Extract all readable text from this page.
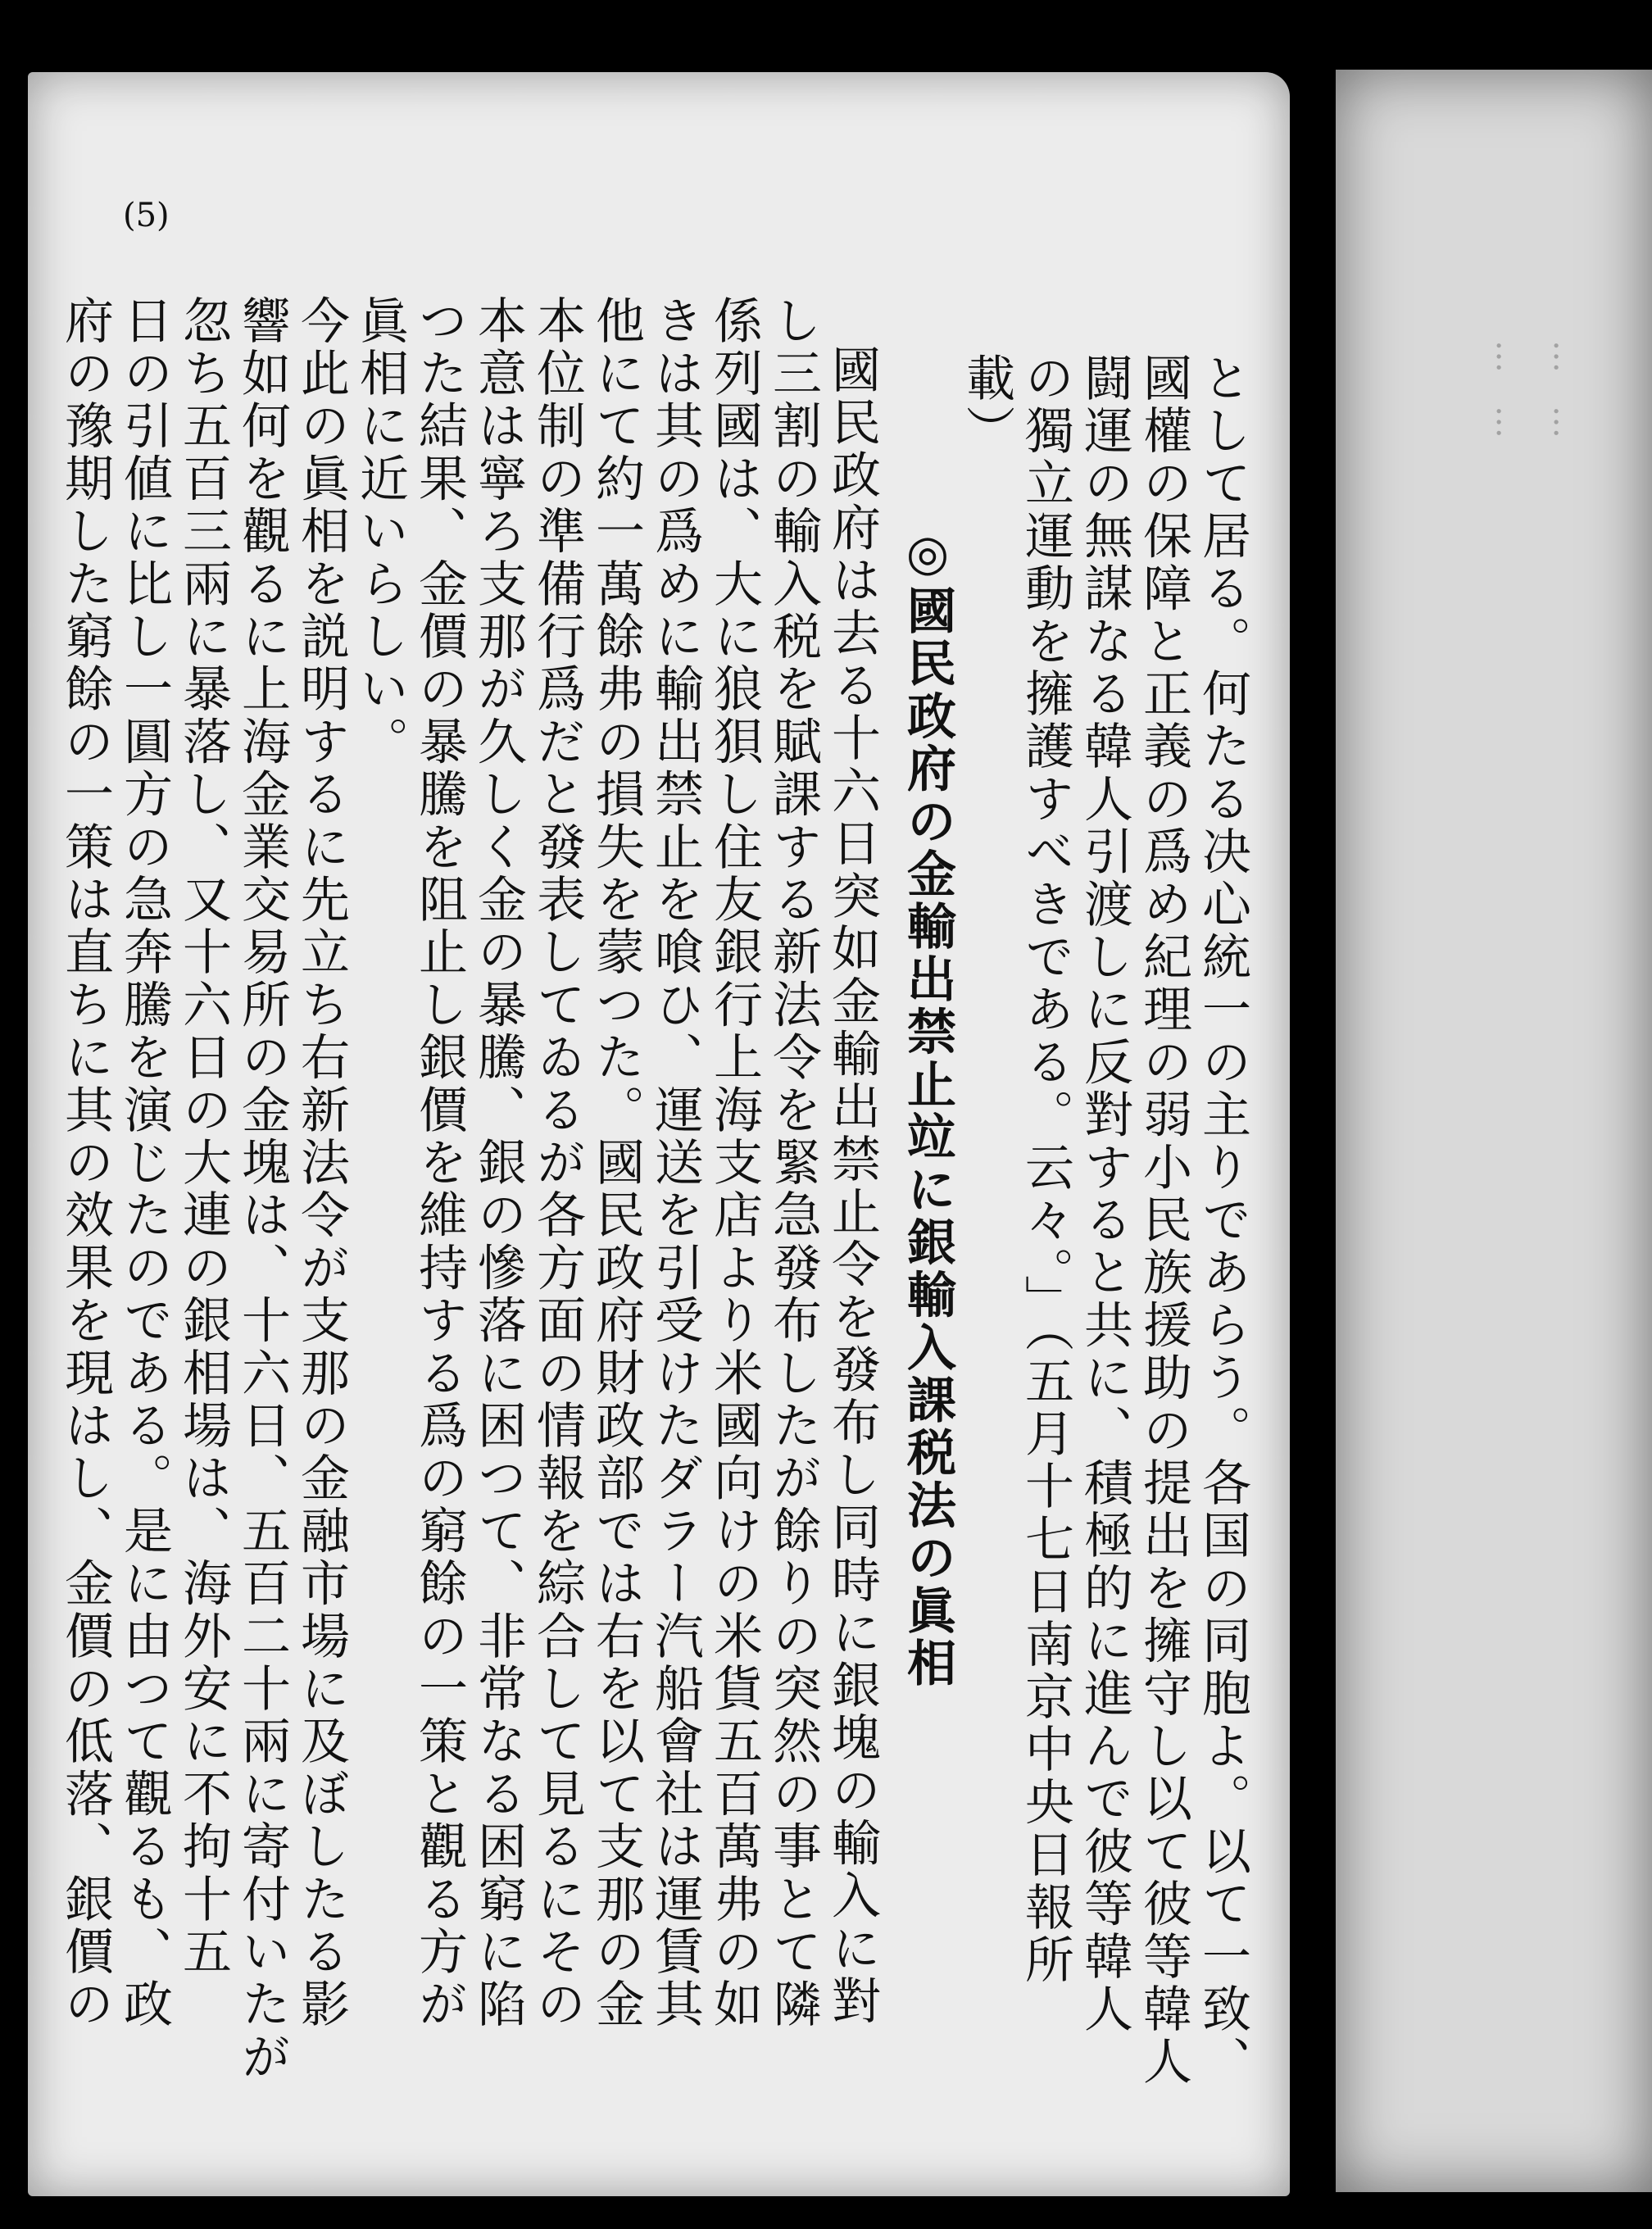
…　… …　…
(5)
として居る。何たる决心統一の主りであらう。各国の同胞よ。以て一致、
國權の保障と正義の爲め紀理の弱小民族援助の提出を擁守し以て彼等韓人
闘運の無謀なる韓人引渡しに反對すると共に、積極的に進んで彼等韓人
の獨立運動を擁護すべきである。云々。」（五月十七日南京中央日報所
載）
◎國民政府の金輸出禁止竝に銀輸入課税法の眞相
國民政府は去る十六日突如金輸出禁止令を發布し同時に銀塊の輸入に對
し三割の輸入税を賦課する新法令を緊急發布したが餘りの突然の事とて隣
係列國は、大に狼狽し住友銀行上海支店より米國向けの米貨五百萬弗の如
きは其の爲めに輸出禁止を喰ひ、運送を引受けたダラー汽船會社は運賃其
他にて約一萬餘弗の損失を蒙つた。國民政府財政部では右を以て支那の金
本位制の準備行爲だと發表してゐるが各方面の情報を綜合して見るにその
本意は寧ろ支那が久しく金の暴騰、銀の慘落に困つて、非常なる困窮に陷
つた結果、金價の暴騰を阻止し銀價を維持する爲の窮餘の一策と觀る方が
眞相に近いらしい。
今此の眞相を説明するに先立ち右新法令が支那の金融市場に及ぼしたる影
響如何を觀るに上海金業交易所の金塊は、十六日、五百二十兩に寄付いたが
忽ち五百三兩に暴落し、又十六日の大連の銀相場は、海外安に不拘十五
日の引値に比し一圓方の急奔騰を演じたのである。是に由つて觀るも、政
府の豫期した窮餘の一策は直ちに其の效果を現はし、金價の低落、銀價の
